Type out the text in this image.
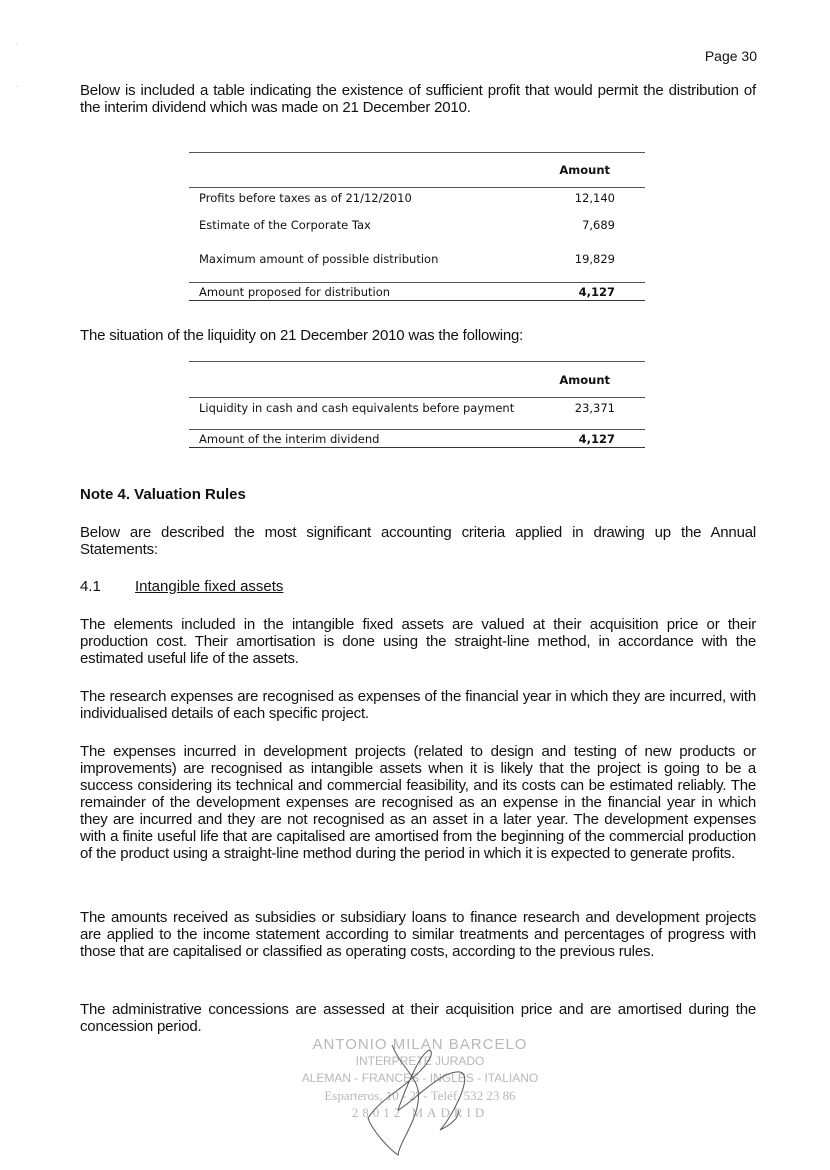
'
-
Page 30

Below is included a table indicating the existence of sufficient profit that would permit the distribution of the interim dividend which was made on 21 December 2010.

Amount
Profits before taxes as of 21/12/2010	12,140
Estimate of the Corporate Tax	7,689
Maximum amount of possible distribution	19,829
Amount proposed for distribution	4,127

The situation of the liquidity on 21 December 2010 was the following:

Amount
Liquidity in cash and cash equivalents before payment	23,371
Amount of the interim dividend	4,127
Note 4. Valuation Rules

Below are described the most significant accounting criteria applied in drawing up the Annual Statements:

4.1 Intangible fixed assets

The elements included in the intangible fixed assets are valued at their acquisition price or their production cost. Their amortisation is done using the straight-line method, in accordance with the estimated useful life of the assets.

The research expenses are recognised as expenses of the financial year in which they are incurred, with individualised details of each specific project.

The expenses incurred in development projects (related to design and testing of new products or improvements) are recognised as intangible assets when it is likely that the project is going to be a success considering its technical and commercial feasibility, and its costs can be estimated reliably. The remainder of the development expenses are recognised as an expense in the financial year in which they are incurred and they are not recognised as an asset in a later year. The development expenses with a finite useful life that are capitalised are amortised from the beginning of the commercial production of the product using a straight-line method during the period in which it is expected to generate profits.

The amounts received as subsidies or subsidiary loans to finance research and development projects are applied to the income statement according to similar treatments and percentages of progress with those that are capitalised or classified as operating costs, according to the previous rules.

The administrative concessions are assessed at their acquisition price and are amortised during the concession period.

ANTONIO MILAN BARCELO
INTERPRETE JURADO
ALEMAN - FRANCES - INGLES - ITALIANO
Esparteros, 10 - 2º - Teléf. 532 23 86
28012 MADRID
